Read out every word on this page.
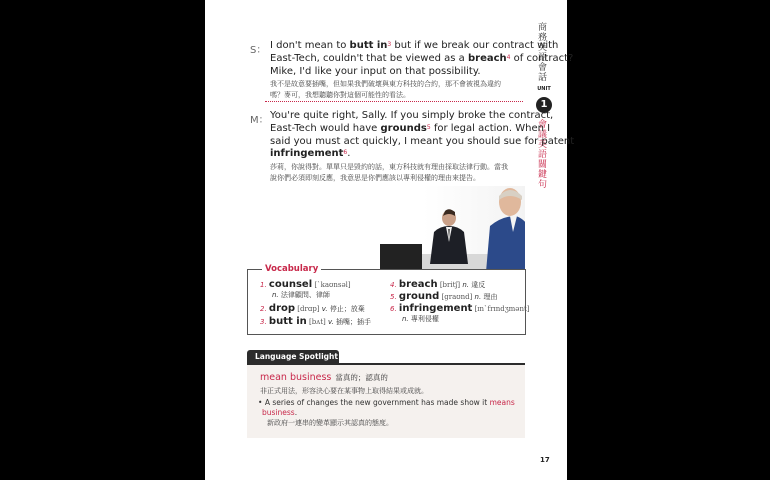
商務英語會話
UNIT
1
會議英語關鍵句
S： I don't mean to butt $in^3$ but if we break our contract with
East-Tech, couldn't that be viewed as a breach$^4$ of contract?
Mike, I'd like your input on that possibility.
我不是故意要插嘴，但如果我們破壞與東方科技的合約，那不會被視為違約
嗎？麥可，我想聽聽你對這個可能性的看法。
M： You're quite right, Sally. If you simply broke the contract,
East-Tech would have grounds$^5$ for legal action. When I
said you must act quickly, I meant you should sue for patent
infringement$^6$.
莎莉，你說得對。單單只是毀約的話，東方科技就有理由採取法律行動。當我
說你們必須即刻反應，我意思是你們應該以專利侵權的理由來提告。
Vocabulary
1. counsel [ˋkaʊnsəl]
n. 法律顧問、律師
2. drop [drɑp] v. 停止；放棄
3. butt in [bʌt] v. 插嘴；插手
4. breach [britʃ] n. 違反
5. ground [graʊnd] n. 理由
6. infringement [ɪnˋfrɪndʒmənt]
n. 專利侵權
Language Spotlight
mean business 當真的；認真的
非正式用法，形容決心要在某事物上取得結果或成就。
• A series of changes the new government has made show it means business.
新政府一連串的變革顯示其認真的態度。
17
